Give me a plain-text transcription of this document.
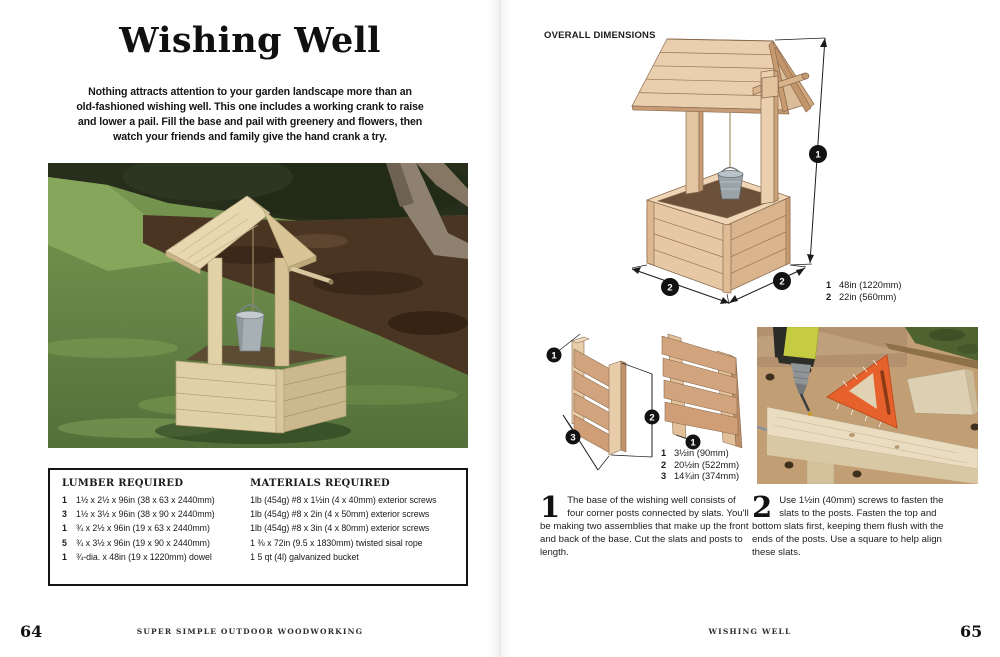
Wishing Well
Nothing attracts attention to your garden landscape more than an
old-fashioned wishing well. This one includes a working crank to raise
and lower a pail. Fill the base and pail with greenery and flowers, then
watch your friends and family give the hand crank a try.
LUMBER REQUIRED
1	1½ x 2½ x 96in (38 x 63 x 2440mm)
3	1½ x 3½ x 96in (38 x 90 x 2440mm)
1	¾ x 2½ x 96in (19 x 63 x 2440mm)
5	¾ x 3½ x 96in (19 x 90 x 2440mm)
1	¾-dia. x 48in (19 x 1220mm) dowel
MATERIALS REQUIRED
1lb (454g) #8 x 1½in (4 x 40mm) exterior screws
1lb (454g) #8 x 2in (4 x 50mm) exterior screws
1lb (454g) #8 x 3in (4 x 80mm) exterior screws
1 ⅜ x 72in (9.5 x 1830mm) twisted sisal rope
1 5 qt (4l) galvanized bucket
64	SUPER SIMPLE OUTDOOR WOODWORKING
OVERALL DIMENSIONS
1
2
2	1 48in (1220mm)
2 22in (560mm)
1
2
3	1
1 3½in (90mm)
2 20½in (522mm)
3 14¾in (374mm)
1 The base of the wishing well consists of four corner posts connected by slats. You'll be making two assemblies that make up the front and back of the base. Cut the slats and posts to length.
2 Use 1½in (40mm) screws to fasten the slats to the posts. Fasten the top and bottom slats first, keeping them flush with the ends of the posts. Use a square to help align these slats.
WISHING WELL	65
